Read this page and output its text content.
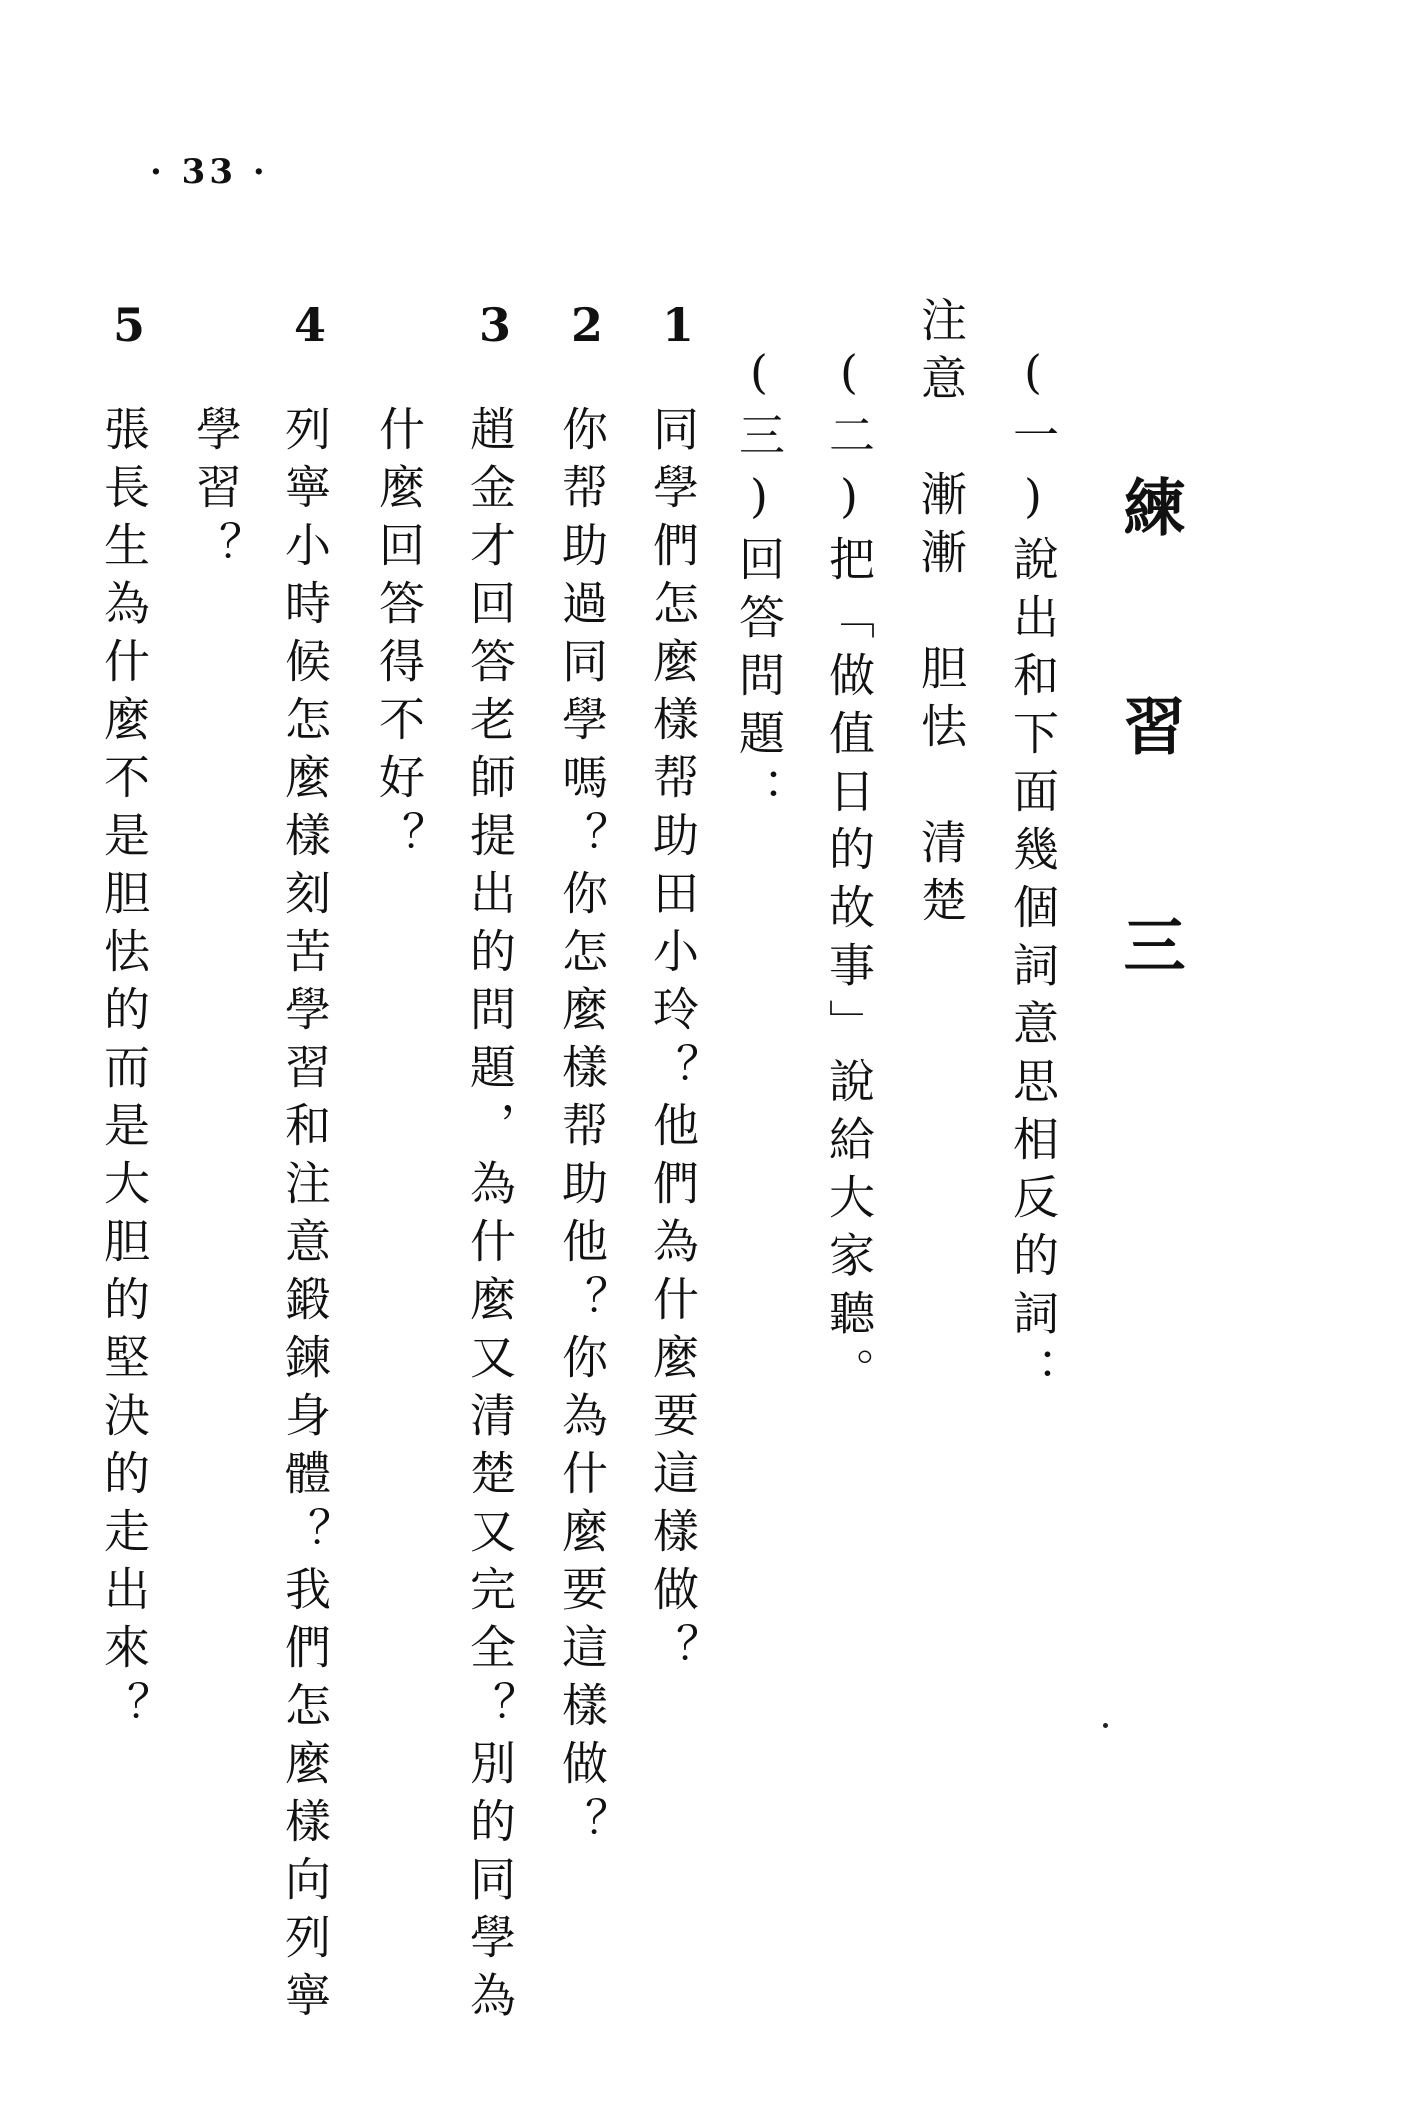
· 33 ·
練 習 三
(一)說出和下面幾個詞意思相反的詞：
注意　漸漸　胆怯　清楚
(二)把「做值日的故事」說給大家聽。
(三)回答問題：
1
同學們怎麼樣帮助田小玲？他們為什麼要這樣做？
2
你帮助過同學嗎？你怎麼樣帮助他？你為什麼要這樣做？
3
趙金才回答老師提出的問題，為什麼又清楚又完全？別的同學為
什麼回答得不好？
4
列寧小時候怎麼樣刻苦學習和注意鍛鍊身體？我們怎麼樣向列寧
學習？
5
張長生為什麼不是胆怯的而是大胆的堅決的走出來？
